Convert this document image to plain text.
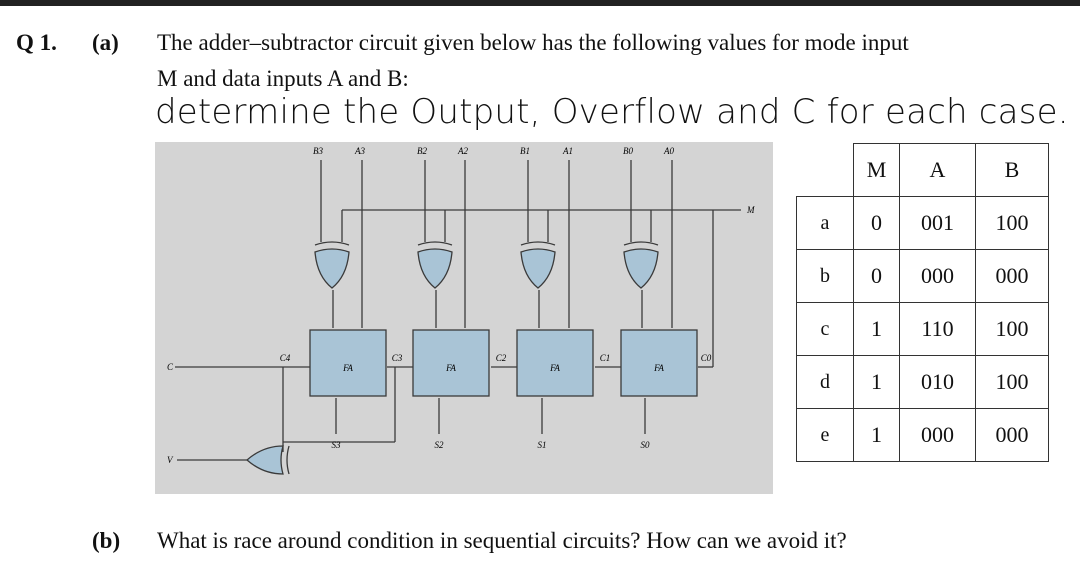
Q 1. (a) The adder–subtractor circuit given below has the following values for mode input
M and data inputs A and B:
determine the Output, Overflow and C for each case.
B3	A3	B2	A2	B1	A1	B0	A0
FA	FA	FA	FA
C4	C3	C2	C1	C0
M
C
V
S3	S2	S1	S0
	M	A	B
a	0	001	100
b	0	000	000
c	1	110	100
d	1	010	100
e	1	000	000
(b) What is race around condition in sequential circuits? How can we avoid it?
